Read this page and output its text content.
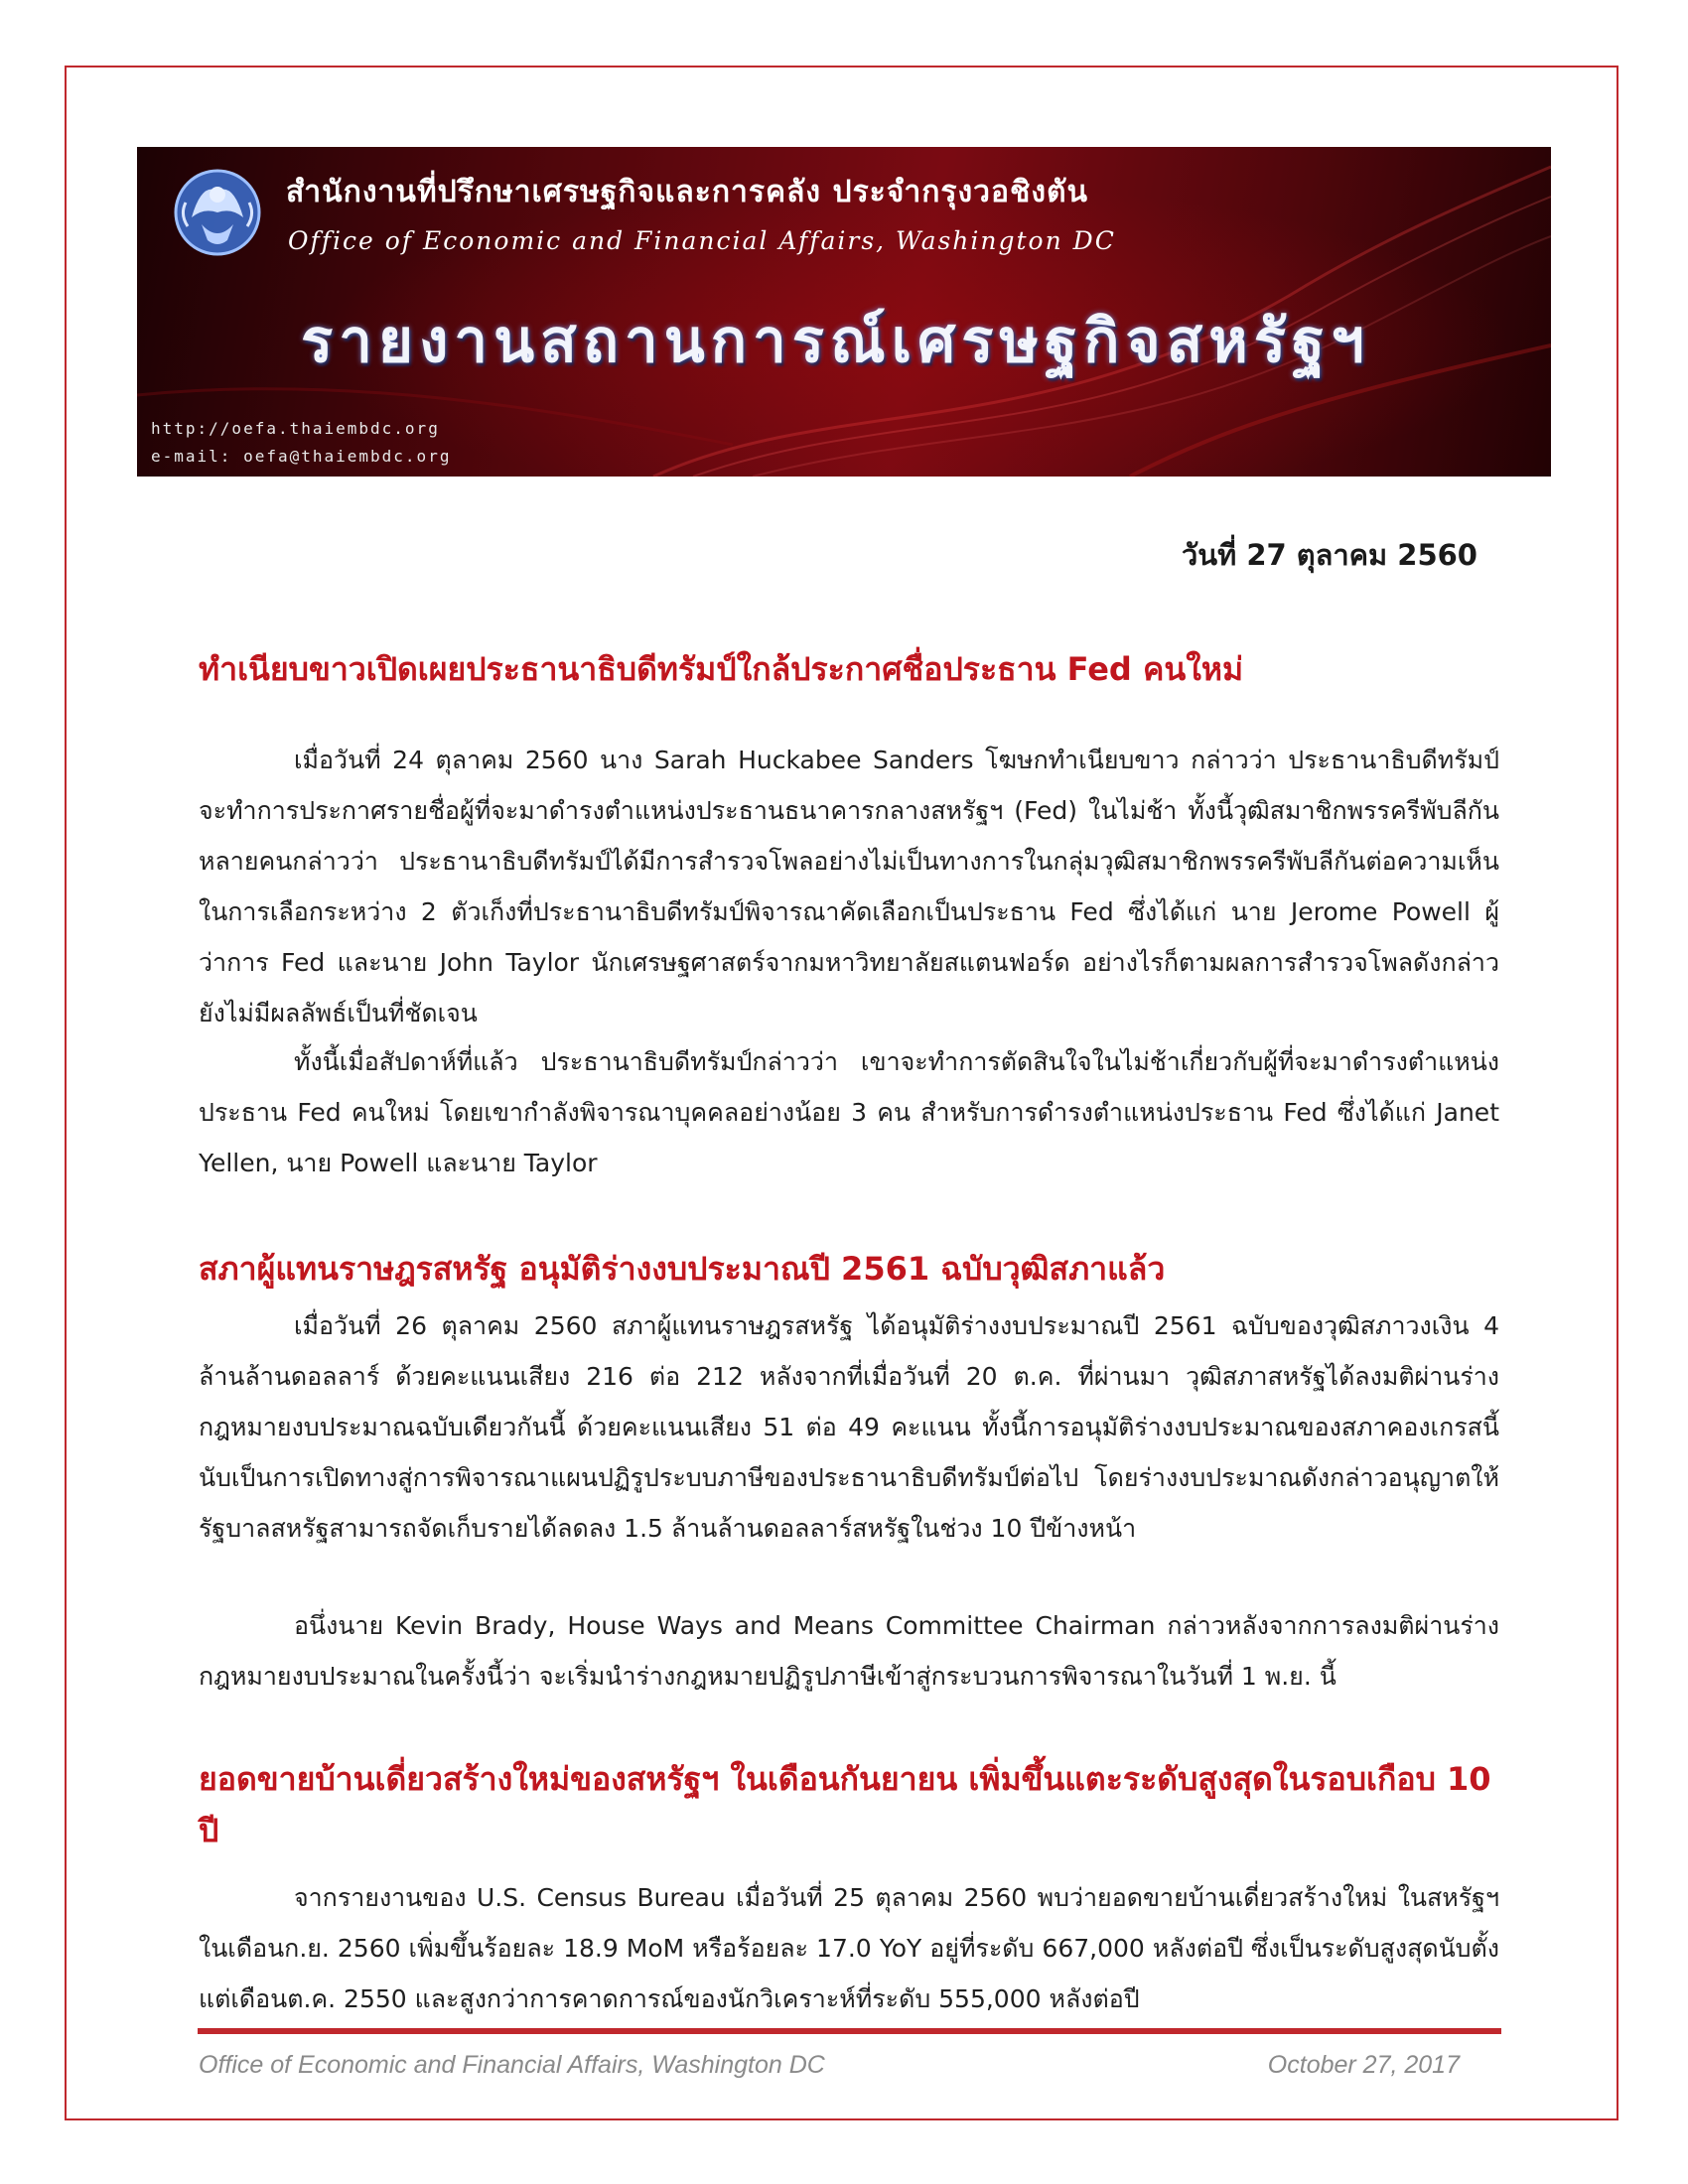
สำนักงานที่ปรึกษาเศรษฐกิจและการคลัง ประจำกรุงวอชิงตัน
Office of Economic and Financial Affairs, Washington DC
รายงานสถานการณ์เศรษฐกิจสหรัฐฯ
http://oefa.thaiembdc.org
e-mail: oefa@thaiembdc.org
วันที่ 27 ตุลาคม 2560
ทำเนียบขาวเปิดเผยประธานาธิบดีทรัมป์ใกล้ประกาศชื่อประธาน Fed คนใหม่
เมื่อวันที่ 24 ตุลาคม 2560 นาง Sarah Huckabee Sanders โฆษกทำเนียบขาว กล่าวว่า ประธานาธิบดีทรัมป์ จะทำการประกาศรายชื่อผู้ที่จะมาดำรงตำแหน่งประธานธนาคารกลางสหรัฐฯ (Fed) ในไม่ช้า ทั้งนี้วุฒิสมาชิกพรรครีพับลีกันหลายคนกล่าวว่า ประธานาธิบดีทรัมป์ได้มีการสำรวจโพลอย่างไม่เป็นทางการในกลุ่มวุฒิสมาชิกพรรครีพับลีกันต่อความเห็นในการเลือกระหว่าง 2 ตัวเก็งที่ประธานาธิบดีทรัมป์พิจารณาคัดเลือกเป็นประธาน Fed ซึ่งได้แก่ นาย Jerome Powell ผู้ว่าการ Fed และนาย John Taylor นักเศรษฐศาสตร์จากมหาวิทยาลัยสแตนฟอร์ด อย่างไรก็ตามผลการสำรวจโพลดังกล่าวยังไม่มีผลลัพธ์เป็นที่ชัดเจน
ทั้งนี้เมื่อสัปดาห์ที่แล้ว ประธานาธิบดีทรัมป์กล่าวว่า เขาจะทำการตัดสินใจในไม่ช้าเกี่ยวกับผู้ที่จะมาดำรงตำแหน่งประธาน Fed คนใหม่ โดยเขากำลังพิจารณาบุคคลอย่างน้อย 3 คน สำหรับการดำรงตำแหน่งประธาน Fed ซึ่งได้แก่ Janet Yellen, นาย Powell และนาย Taylor
สภาผู้แทนราษฎรสหรัฐ อนุมัติร่างงบประมาณปี 2561 ฉบับวุฒิสภาแล้ว
เมื่อวันที่ 26 ตุลาคม 2560 สภาผู้แทนราษฎรสหรัฐ ได้อนุมัติร่างงบประมาณปี 2561 ฉบับของวุฒิสภาวงเงิน 4 ล้านล้านดอลลาร์ ด้วยคะแนนเสียง 216 ต่อ 212 หลังจากที่เมื่อวันที่ 20 ต.ค. ที่ผ่านมา วุฒิสภาสหรัฐได้ลงมติผ่านร่างกฎหมายงบประมาณฉบับเดียวกันนี้ ด้วยคะแนนเสียง 51 ต่อ 49 คะแนน ทั้งนี้การอนุมัติร่างงบประมาณของสภาคองเกรสนี้ นับเป็นการเปิดทางสู่การพิจารณาแผนปฏิรูประบบภาษีของประธานาธิบดีทรัมป์ต่อไป โดยร่างงบประมาณดังกล่าวอนุญาตให้รัฐบาลสหรัฐสามารถจัดเก็บรายได้ลดลง 1.5 ล้านล้านดอลลาร์สหรัฐในช่วง 10 ปีข้างหน้า
อนึ่งนาย Kevin Brady, House Ways and Means Committee Chairman กล่าวหลังจากการลงมติผ่านร่างกฎหมายงบประมาณในครั้งนี้ว่า จะเริ่มนำร่างกฎหมายปฏิรูปภาษีเข้าสู่กระบวนการพิจารณาในวันที่ 1 พ.ย. นี้
ยอดขายบ้านเดี่ยวสร้างใหม่ของสหรัฐฯ ในเดือนกันยายน เพิ่มขึ้นแตะระดับสูงสุดในรอบเกือบ 10 ปี
จากรายงานของ U.S. Census Bureau เมื่อวันที่ 25 ตุลาคม 2560 พบว่ายอดขายบ้านเดี่ยวสร้างใหม่ ในสหรัฐฯ ในเดือนก.ย. 2560 เพิ่มขึ้นร้อยละ 18.9 MoM หรือร้อยละ 17.0 YoY อยู่ที่ระดับ 667,000 หลังต่อปี ซึ่งเป็นระดับสูงสุดนับตั้งแต่เดือนต.ค. 2550 และสูงกว่าการคาดการณ์ของนักวิเคราะห์ที่ระดับ 555,000 หลังต่อปี
Office of Economic and Financial Affairs, Washington DC	October 27, 2017
